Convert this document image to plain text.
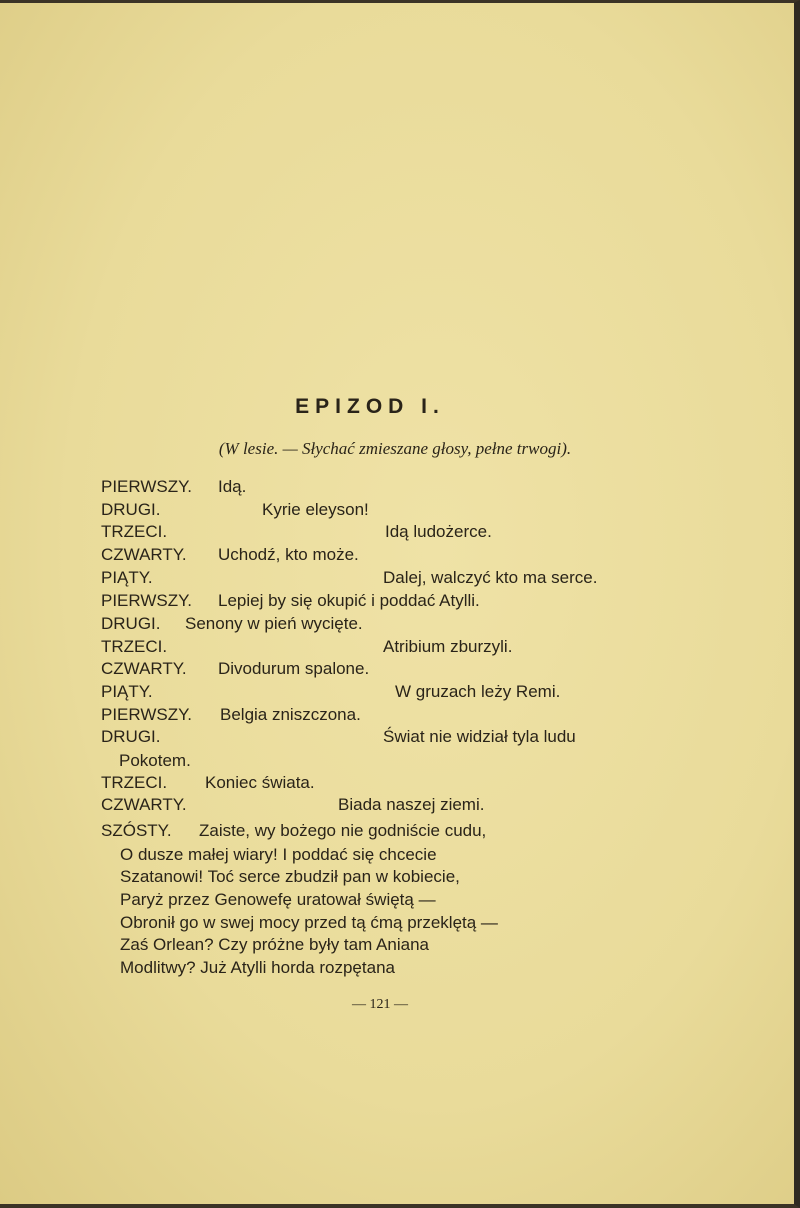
EPIZOD I.
(W lesie. — Słychać zmieszane głosy, pełne trwogi).
PIERWSZY. Idą.
DRUGI.	Kyrie eleyson!
TRZECI.	Idą ludożerce.
CZWARTY. Uchodź, kto może.
PIĄTY.	Dalej, walczyć kto ma serce.
PIERWSZY. Lepiej by się okupić i poddać Atylli.
DRUGI. Senony w pień wycięte.
TRZECI.	Atribium zburzyli.
CZWARTY. Divodurum spalone.
PIĄTY.	W gruzach leży Remi.
PIERWSZY. Belgia zniszczona.
DRUGI.	Świat nie widział tyla ludu
Pokotem.
TRZECI. Koniec świata.
CZWARTY.	Biada naszej ziemi.
SZÓSTY. Zaiste, wy bożego nie godniście cudu,
O dusze małej wiary! I poddać się chcecie
Szatanowi! Toć serce zbudził pan w kobiecie,
Paryż przez Genowefę uratował świętą —
Obronił go w swej mocy przed tą ćmą przeklętą —
Zaś Orlean? Czy próżne były tam Aniana
Modlitwy? Już Atylli horda rozpętana
— 121 —
